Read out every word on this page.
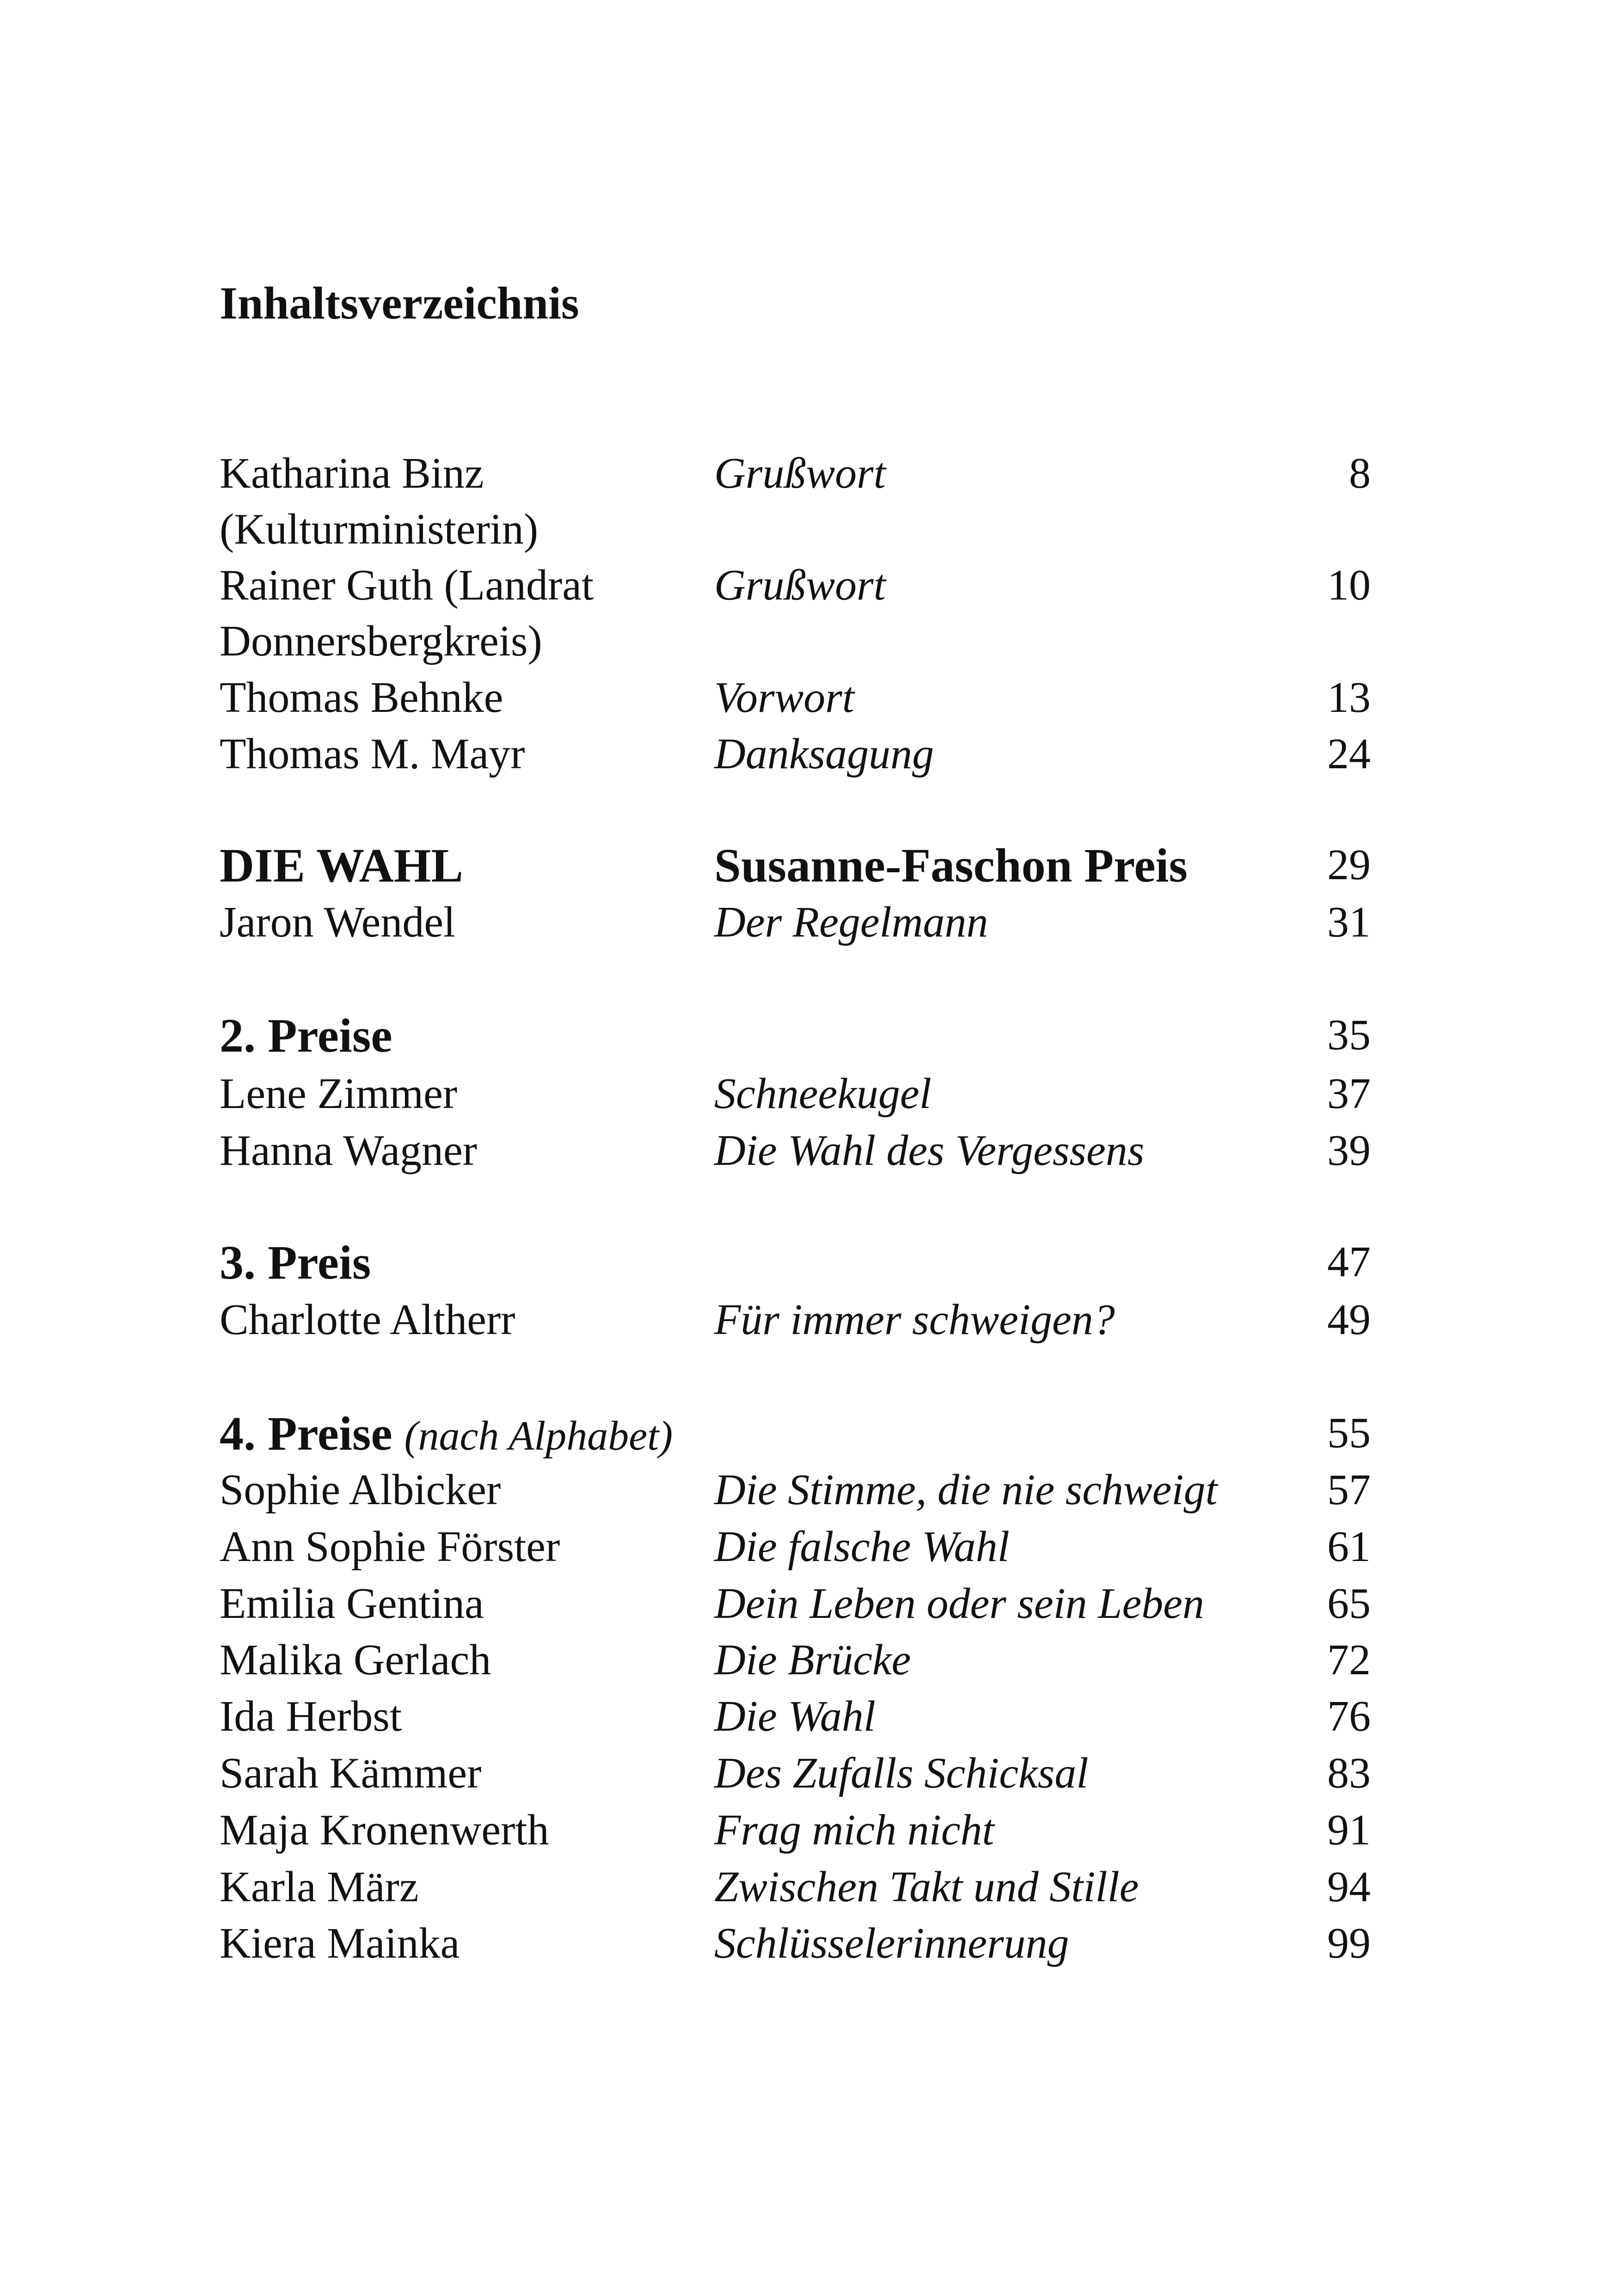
Inhaltsverzeichnis
Katharina Binz	Grußwort	8
(Kulturministerin)
Rainer Guth (Landrat	Grußwort	10
Donnersbergkreis)
Thomas Behnke	Vorwort	13
Thomas M. Mayr	Danksagung	24
DIE WAHL	Susanne-Faschon Preis	29
Jaron Wendel	Der Regelmann	31
2. Preise	35
Lene Zimmer	Schneekugel	37
Hanna Wagner	Die Wahl des Vergessens	39
3. Preis	47
Charlotte Altherr	Für immer schweigen?	49
4. Preise (nach Alphabet)	55
Sophie Albicker	Die Stimme, die nie schweigt	57
Ann Sophie Förster	Die falsche Wahl	61
Emilia Gentina	Dein Leben oder sein Leben	65
Malika Gerlach	Die Brücke	72
Ida Herbst	Die Wahl	76
Sarah Kämmer	Des Zufalls Schicksal	83
Maja Kronenwerth	Frag mich nicht	91
Karla März	Zwischen Takt und Stille	94
Kiera Mainka	Schlüsselerinnerung	99
